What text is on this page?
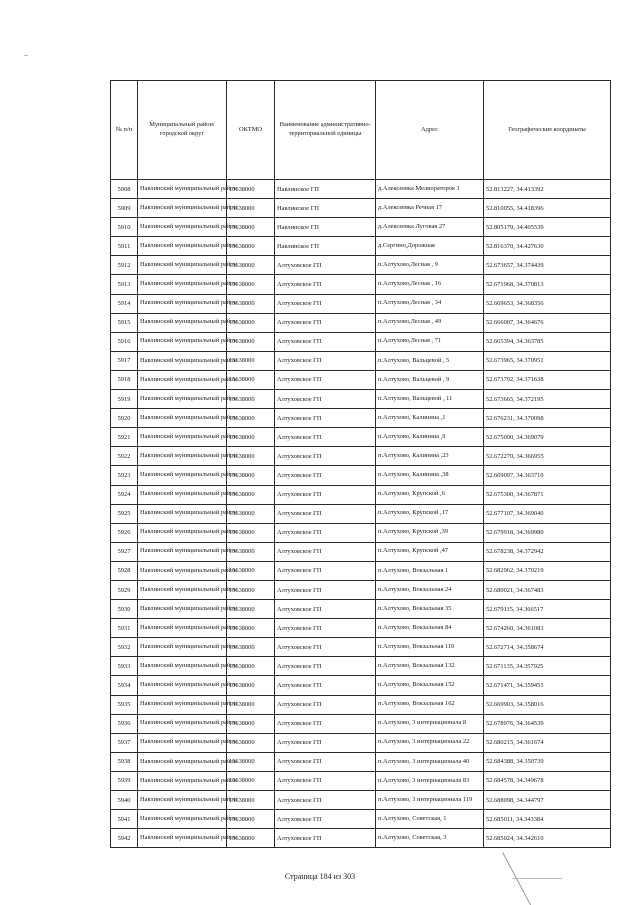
№ п/п	Муниципальный район/городской округ	ОКТМО	Наименование административно-территориальной единицы	Адрес	Географические координаты
5908	Навлинский муниципальный район	15638000	Навлинское ГП	д.Алексеевка Мелиораторов 1	52.813227, 34.413392
5909	Навлинский муниципальный район	15638000	Навлинское ГП	д.Алексеевка Речная 17	52.810055, 34.418396
5910	Навлинский муниципальный район	15638000	Навлинское ГП	д.Алексеевка Луговая 27	52.805179, 34.405539
5911	Навлинский муниципальный район	15638000	Навлинское ГП	д.Сергино,Дорожная	52.816370, 34.427630
5912	Навлинский муниципальный район	15638000	Алтуховское ГП	п.Алтухово,Лесная , 9	52.673657, 34.374439
5913	Навлинский муниципальный район	15638000	Алтуховское ГП	п.Алтухово,Лесная , 16	52.671968, 34.370813
5914	Навлинский муниципальный район	15638000	Алтуховское ГП	п.Алтухово,Лесная , 34	52.669653, 34.368356
5915	Навлинский муниципальный район	15638000	Алтуховское ГП	п.Алтухово,Лесная , 49	52.666007, 34.364676
5916	Навлинский муниципальный район	15638000	Алтуховское ГП	п.Алтухово,Лесная , 71	52.665394, 34.363785
5917	Навлинский муниципальный район	15638000	Алтуховское ГП	п.Алтухово, Вальцевой , 5	52.673965, 34.370951
5918	Навлинский муниципальный район	15638000	Алтуховское ГП	п.Алтухово, Вальцевой , 9	52.673792, 34.371638
5919	Навлинский муниципальный район	15638000	Алтуховское ГП	п.Алтухово, Вальцевой , 11	52.673665, 34.372195
5920	Навлинский муниципальный район	15638000	Алтуховское ГП	п.Алтухово, Калинина ,1	52.676231, 34.370098
5921	Навлинский муниципальный район	15638000	Алтуховское ГП	п.Алтухово, Калинина ,9	52.675090, 34.369079
5922	Навлинский муниципальный район	15638000	Алтуховское ГП	п.Алтухово, Калинина ,23	52.672270, 34.366955
5923	Навлинский муниципальный район	15638000	Алтуховское ГП	п.Алтухово, Калинина ,38	52.669097, 34.363710
5924	Навлинский муниципальный район	15638000	Алтуховское ГП	п.Алтухово, Крупской ,6	52.675300, 34.367871
5925	Навлинский муниципальный район	15638000	Алтуховское ГП	п.Алтухово, Крупской ,17	52.677107, 34.369040
5926	Навлинский муниципальный район	15638000	Алтуховское ГП	п.Алтухово, Крупской ,39	52.679918, 34.369980
5927	Навлинский муниципальный район	15638000	Алтуховское ГП	п.Алтухово, Крупской ,47	52.678238, 34.372942
5928	Навлинский муниципальный район	15638000	Алтуховское ГП	п.Алтухово, Вокзальная 1	52.682962, 34.370219
5929	Навлинский муниципальный район	15638000	Алтуховское ГП	п.Алтухово, Вокзальная 24	52.680021, 34.367483
5930	Навлинский муниципальный район	15638000	Алтуховское ГП	п.Алтухово, Вокзальная 35	52.679115, 34.366517
5931	Навлинский муниципальный район	15638000	Алтуховское ГП	п.Алтухово, Вокзальная 84	52.674260, 34.361083
5932	Навлинский муниципальный район	15638000	Алтуховское ГП	п.Алтухово, Вокзальная 110	52.672714, 34.358674
5933	Навлинский муниципальный район	15638000	Алтуховское ГП	п.Алтухово, Вокзальная 132	52.671135, 34.357925
5934	Навлинский муниципальный район	15638000	Алтуховское ГП	п.Алтухово, Вокзальная 152	52.671471, 34.359451
5935	Навлинский муниципальный район	15638000	Алтуховское ГП	п.Алтухово, Вокзальная 162	52.669903, 34.358016
5936	Навлинский муниципальный район	15638000	Алтуховское ГП	п.Алтухово, 3 интернационала 8	52.678976, 34.364539
5937	Навлинский муниципальный район	15638000	Алтуховское ГП	п.Алтухово, 3 интернационала 22	52.680215, 34.361674
5938	Навлинский муниципальный район	15638000	Алтуховское ГП	п.Алтухово, 3 интернационала 40	52.684388, 34.350739
5939	Навлинский муниципальный район	15638000	Алтуховское ГП	п.Алтухово, 3 интернационала 83	52.684578, 34.349678
5940	Навлинский муниципальный район	15638000	Алтуховское ГП	п.Алтухово, 3 интернационала 119	52.688098, 34.344797
5941	Навлинский муниципальный район	15638000	Алтуховское ГП	п.Алтухово, Советская, 1	52.685011, 34.343384
5942	Навлинский муниципальный район	15638000	Алтуховское ГП	п.Алтухово, Советская, 3	52.685024, 34.342610
Страница 184 из 303
